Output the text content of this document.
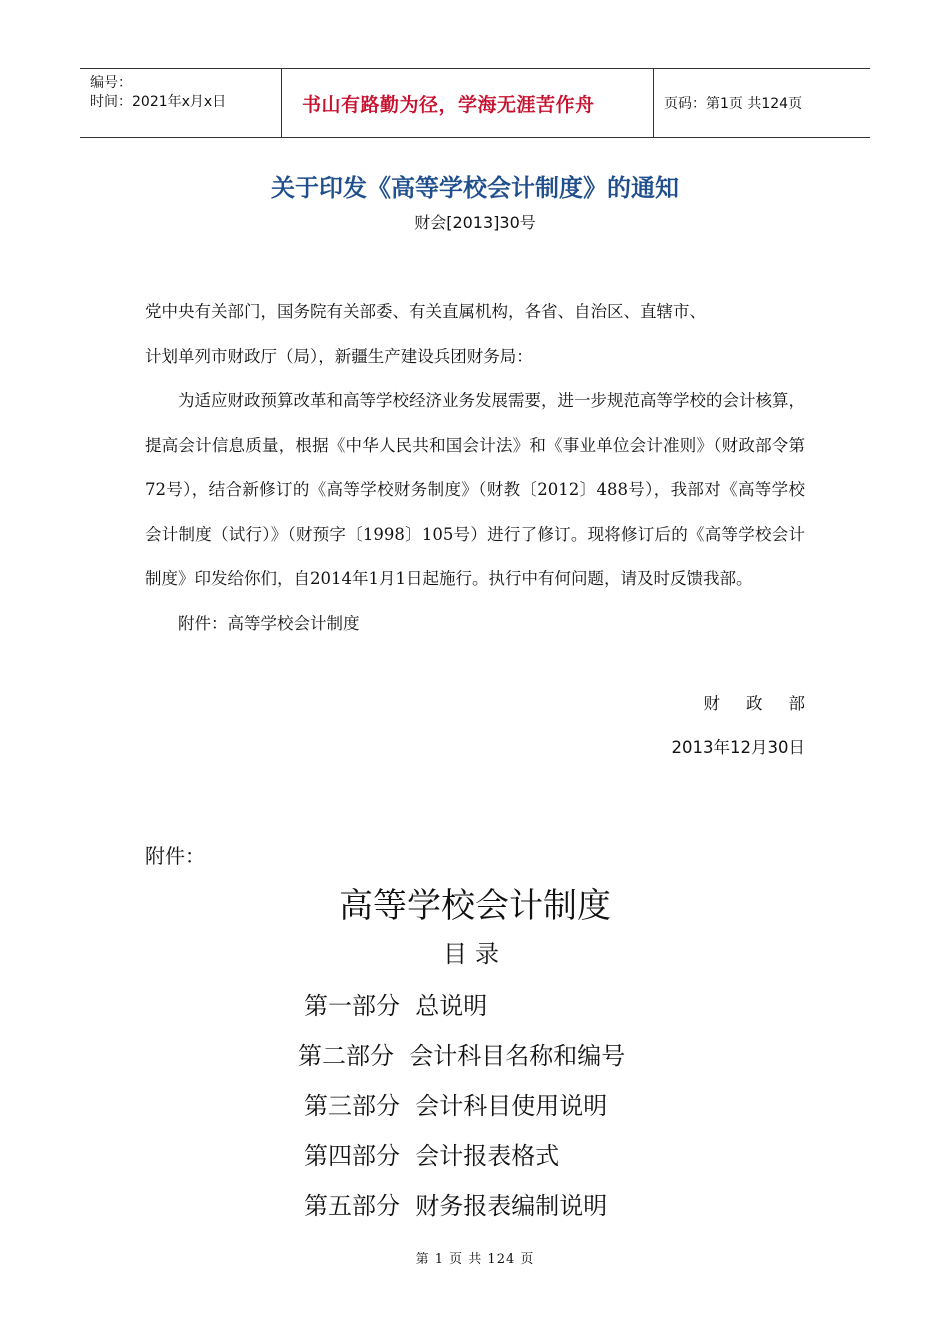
编号：
时间：2021年x月x日	书山有路勤为径，学海无涯苦作舟	页码：第1页 共124页
关于印发《高等学校会计制度》的通知
财会[2013]30号

党中央有关部门，国务院有关部委、有关直属机构，各省、自治区、直辖市、

计划单列市财政厅（局），新疆生产建设兵团财务局：

为适应财政预算改革和高等学校经济业务发展需要，进一步规范高等学校的会计核算，提高会计信息质量，根据《中华人民共和国会计法》和《事业单位会计准则》（财政部令第72号），结合新修订的《高等学校财务制度》（财教〔2012〕488号），我部对《高等学校会计制度（试行）》（财预字〔1998〕105号）进行了修订。现将修订后的《高等学校会计制度》印发给你们，自2014年1月1日起施行。执行中有何问题，请及时反馈我部。

附件：高等学校会计制度

财政部
2013年12月30日
附件：
高等学校会计制度
目录
第一部分  总说明
第二部分  会计科目名称和编号
第三部分  会计科目使用说明
第四部分  会计报表格式
第五部分  财务报表编制说明
第 1 页 共 124 页
